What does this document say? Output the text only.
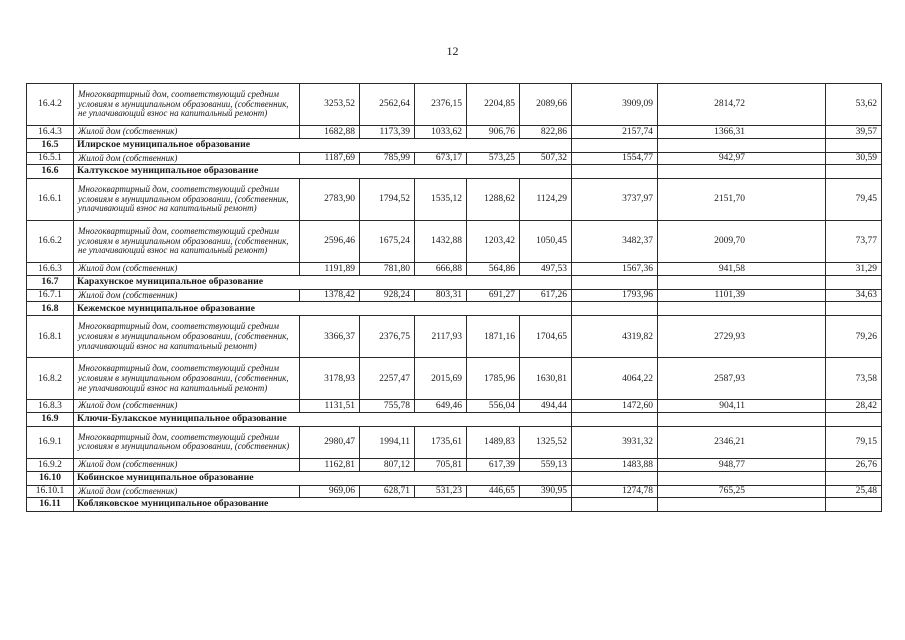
12
16.4.2	Многоквартирный дом, соответствующий средним условиям в муниципальном образовании, (собственник, не уплачивающий взнос на капитальный ремонт)	3253,52	2562,64	2376,15	2204,85	2089,66	3909,09	2814,72	53,62
16.4.3	Жилой дом (собственник)	1682,88	1173,39	1033,62	906,76	822,86	2157,74	1366,31	39,57
16.5	Илирское муниципальное образование								
16.5.1	Жилой дом (собственник)	1187,69	785,99	673,17	573,25	507,32	1554,77	942,97	30,59
16.6	Калтукское муниципальное образование								
16.6.1	Многоквартирный дом, соответствующий средним условиям в муниципальном образовании, (собственник, уплачивающий взнос на капитальный ремонт)	2783,90	1794,52	1535,12	1288,62	1124,29	3737,97	2151,70	79,45
16.6.2	Многоквартирный дом, соответствующий средним условиям в муниципальном образовании, (собственник, не уплачивающий взнос на капитальный ремонт)	2596,46	1675,24	1432,88	1203,42	1050,45	3482,37	2009,70	73,77
16.6.3	Жилой дом (собственник)	1191,89	781,80	666,88	564,86	497,53	1567,36	941,58	31,29
16.7	Карахунское муниципальное образование								
16.7.1	Жилой дом (собственник)	1378,42	928,24	803,31	691,27	617,26	1793,96	1101,39	34,63
16.8	Кежемское муниципальное образование								
16.8.1	Многоквартирный дом, соответствующий средним условиям в муниципальном образовании, (собственник, уплачивающий взнос на капитальный ремонт)	3366,37	2376,75	2117,93	1871,16	1704,65	4319,82	2729,93	79,26
16.8.2	Многоквартирный дом, соответствующий средним условиям в муниципальном образовании, (собственник, не уплачивающий взнос на капитальный ремонт)	3178,93	2257,47	2015,69	1785,96	1630,81	4064,22	2587,93	73,58
16.8.3	Жилой дом (собственник)	1131,51	755,78	649,46	556,04	494,44	1472,60	904,11	28,42
16.9	Ключи-Булакское муниципальное образование								
16.9.1	Многоквартирный дом, соответствующий средним условиям в муниципальном образовании, (собственник)	2980,47	1994,11	1735,61	1489,83	1325,52	3931,32	2346,21	79,15
16.9.2	Жилой дом (собственник)	1162,81	807,12	705,81	617,39	559,13	1483,88	948,77	26,76
16.10	Кобинское муниципальное образование								
16.10.1	Жилой дом (собственник)	969,06	628,71	531,23	446,65	390,95	1274,78	765,25	25,48
16.11	Кобляковское муниципальное образование								
